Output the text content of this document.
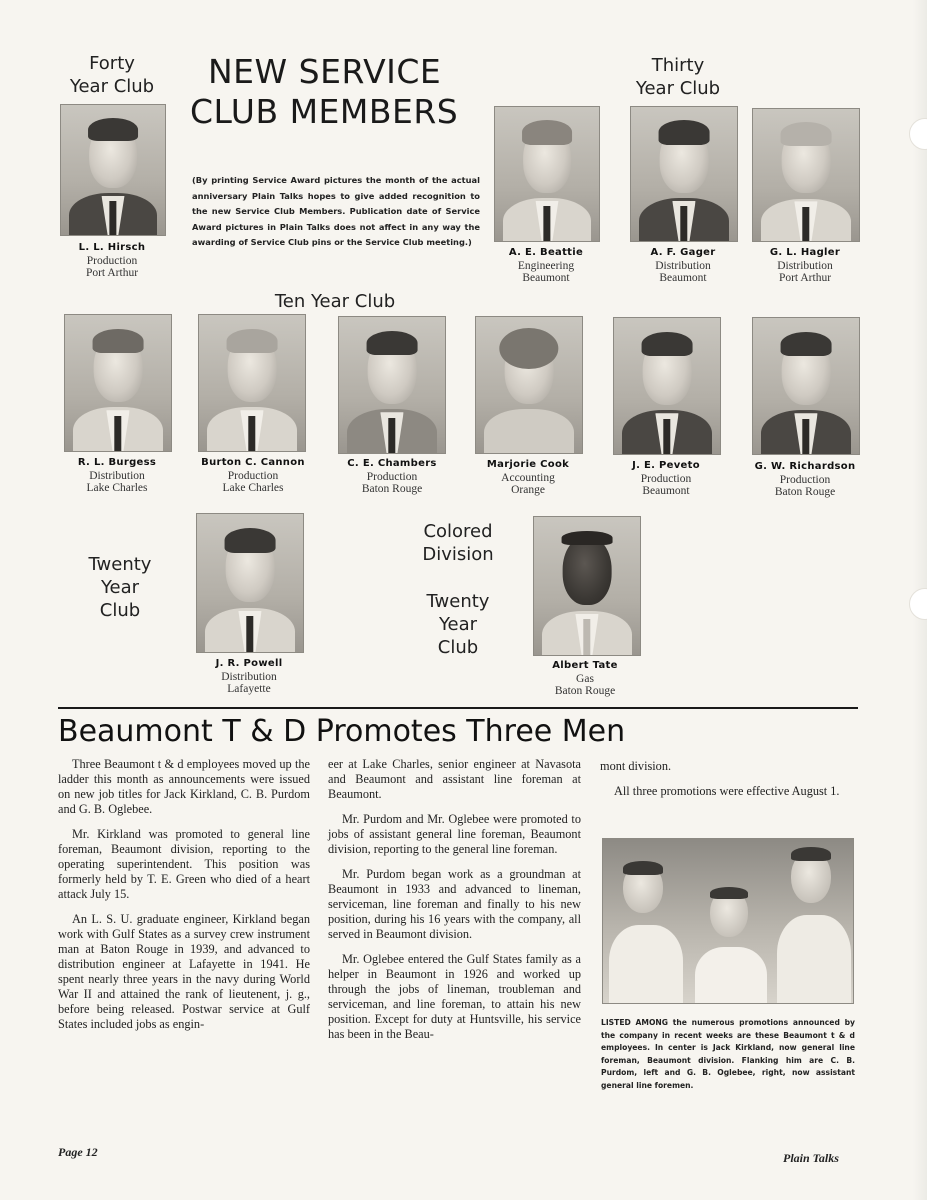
Forty
Year Club
L. L. Hirsch
Production
Port Arthur
NEW SERVICE
CLUB MEMBERS
(By printing Service Award pictures the month of the actual anniversary Plain Talks hopes to give added recognition to the new Service Club Members. Publication date of Service Award pictures in Plain Talks does not affect in any way the awarding of Service Club pins or the Service Club meeting.)
Thirty
Year Club
A. E. Beattie
Engineering
Beaumont
A. F. Gager
Distribution
Beaumont
G. L. Hagler
Distribution
Port Arthur
Ten Year Club
R. L. Burgess
Distribution
Lake Charles
Burton C. Cannon
Production
Lake Charles
C. E. Chambers
Production
Baton Rouge
Marjorie Cook
Accounting
Orange
J. E. Peveto
Production
Beaumont
G. W. Richardson
Production
Baton Rouge
Twenty
Year
Club
J. R. Powell
Distribution
Lafayette
Colored
Division

Twenty
Year
Club
Albert Tate
Gas
Baton Rouge
Beaumont T & D Promotes Three Men

Three Beaumont t & d employees moved up the ladder this month as announcements were issued on new job titles for Jack Kirkland, C. B. Purdom and G. B. Oglebee.

Mr. Kirkland was promoted to general line foreman, Beaumont division, reporting to the operating superintendent. This position was formerly held by T. E. Green who died of a heart attack July 15.

An L. S. U. graduate engineer, Kirkland began work with Gulf States as a survey crew instrument man at Baton Rouge in 1939, and advanced to distribution engineer at Lafayette in 1941. He spent nearly three years in the navy during World War II and attained the rank of lieutenent, j. g., before being released. Postwar service at Gulf States included jobs as engin-

eer at Lake Charles, senior engineer at Navasota and Beaumont and assistant line foreman at Beaumont.

Mr. Purdom and Mr. Oglebee were promoted to jobs of assistant general line foreman, Beaumont division, reporting to the general line foreman.

Mr. Purdom began work as a groundman at Beaumont in 1933 and advanced to lineman, serviceman, line foreman and finally to his new position, during his 16 years with the company, all served in Beaumont division.

Mr. Oglebee entered the Gulf States family as a helper in Beaumont in 1926 and worked up through the jobs of lineman, troubleman and serviceman, and line foreman, to attain his new position. Except for duty at Huntsville, his service has been in the Beau-

mont division.

All three promotions were effective August 1.

LISTED AMONG the numerous promotions announced by the company in recent weeks are these Beaumont t & d employees. In center is Jack Kirkland, now general line foreman, Beaumont division. Flanking him are C. B. Purdom, left and G. B. Oglebee, right, now assistant general line foremen.
Page 12	Plain Talks
